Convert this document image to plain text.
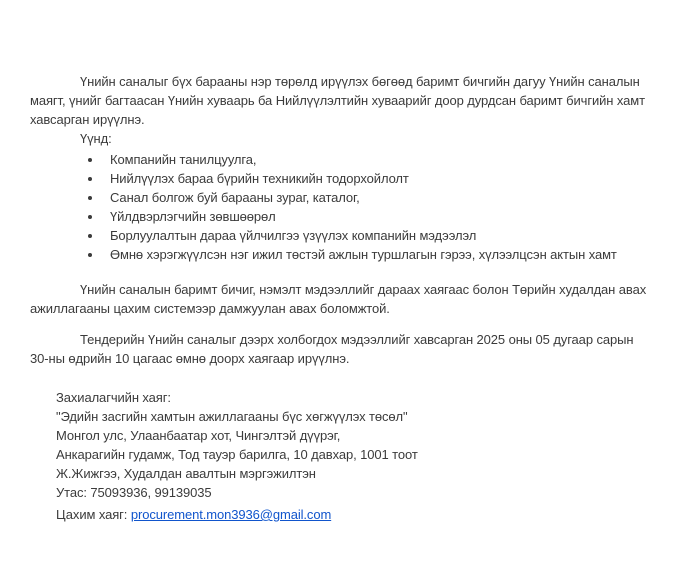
Үнийн саналыг бүх барааны нэр төрөлд ирүүлэх бөгөөд баримт бичгийн дагуу Үнийн саналын
маягт, үнийг багтаасан Үнийн хуваарь ба Нийлүүлэлтийн хуваарийг доор дурдсан баримт бичгийн хамт
хавсарган ирүүлнэ.
Үүнд:
Компанийн танилцуулга,
Нийлүүлэх бараа бүрийн техникийн тодорхойлолт
Санал болгож буй барааны зураг, каталог,
Үйлдвэрлэгчийн зөвшөөрөл
Борлуулалтын дараа үйлчилгээ үзүүлэх компанийн мэдээлэл
Өмнө хэрэгжүүлсэн нэг ижил төстэй ажлын туршлагын гэрээ, хүлээлцсэн актын хамт
Үнийн саналын баримт бичиг, нэмэлт мэдээллийг дараах хаягаас болон Төрийн худалдан авах
ажиллагааны цахим системээр дамжуулан авах боломжтой.
Тендерийн Үнийн саналыг дээрх холбогдох мэдээллийг хавсарган 2025 оны 05 дугаар сарын
30-ны өдрийн 10 цагаас өмнө доорх хаягаар ирүүлнэ.
Захиалагчийн хаяг:
"Эдийн засгийн хамтын ажиллагааны бүс хөгжүүлэх төсөл"
Монгол улс, Улаанбаатар хот, Чингэлтэй дүүрэг,
Анкарагийн гудамж, Тод тауэр барилга, 10 давхар, 1001 тоот
Ж.Жижгээ, Худалдан авалтын мэргэжилтэн
Утас: 75093936, 99139035
Цахим хаяг: procurement.mon3936@gmail.com
